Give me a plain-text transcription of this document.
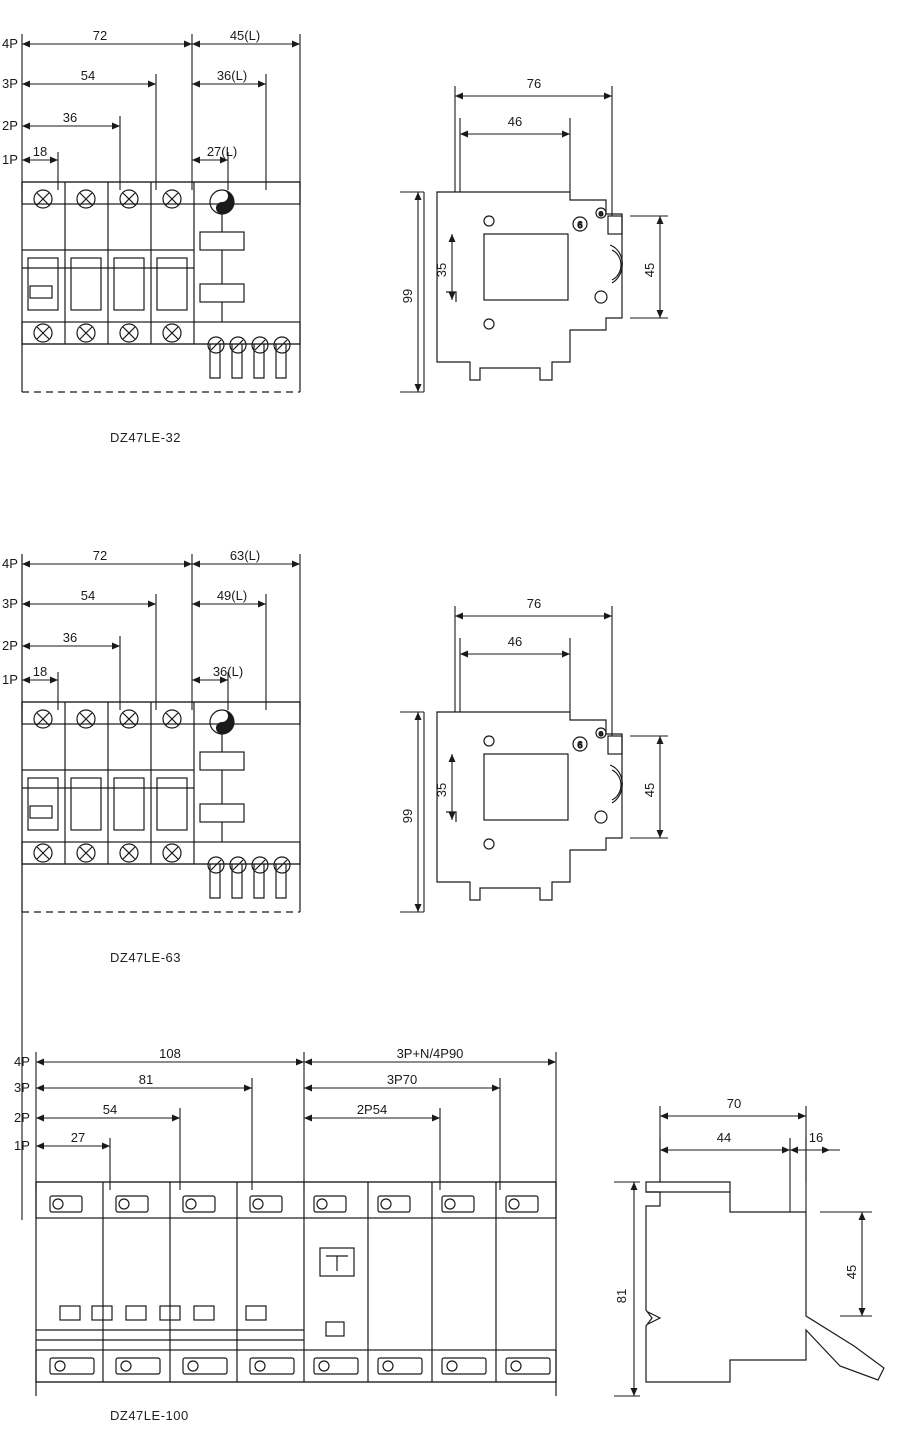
72	45(L)
54	36(L)
36
18	27(L)
4P
3P
2P
1P
6
e
76
46
99
35	45
DZ47LE-32
72	63(L)
54	49(L)
36
18	36(L)
4P
3P
2P
1P
6
e
76
46
99
35	45
DZ47LE-63
108	3P+N/4P90
81	3P70
54	2P54
27
4P
3P
2P
1P
70
44	16
81
45
DZ47LE-100
